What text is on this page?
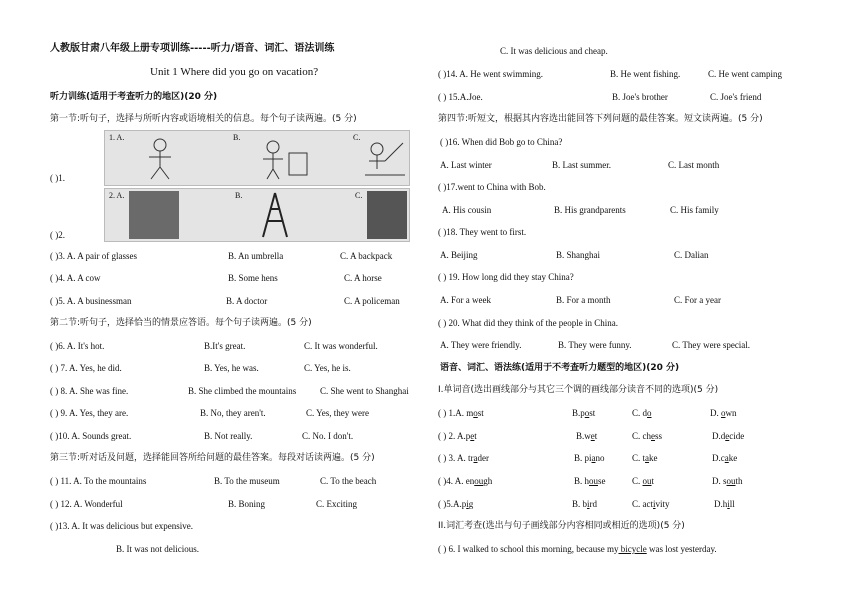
人教版甘肃八年级上册专项训练-----听力/语音、词汇、语法训练
Unit 1 Where did you go on vacation?
听力训练(适用于考查听力的地区)(20 分)
第一节:听句子，选择与所听内容或语境相关的信息。每个句子读两遍。(5 分)
1. A.	B.	C.
( )1.
2. A.	B.	C.
( )2.
( )3. A. A pair of glasses	B. An umbrella	C. A backpack
( )4. A. A cow	B. Some hens	C. A horse
( )5. A. A businessman	B. A doctor	C. A policeman
第二节:听句子，选择恰当的情景应答语。每个句子读两遍。(5 分)
( )6. A. It's hot.	B.It's great.	C. It was wonderful.
( ) 7. A. Yes, he did.	B. Yes, he was.	C. Yes, he is.
( ) 8. A. She was fine.	B. She climbed the mountains	C. She went to Shanghai
( ) 9. A. Yes, they are.	B. No, they aren't.	C. Yes, they were
( )10. A. Sounds great.	B. Not really.	C. No. I don't.
第三节:听对话及问题，选择能回答所给问题的最佳答案。每段对话读两遍。(5 分)
( ) 11. A. To the mountains	B. To the museum	C. To the beach
( ) 12. A. Wonderful	B. Boning	C. Exciting
( )13. A. It was delicious but expensive.
B. It was not delicious.
C. It was delicious and cheap.
( )14. A. He went swimming.	B. He went fishing.	C. He went camping
( ) 15.A.Joe.	B. Joe's brother	C. Joe's friend
第四节:听短文，根据其内容选出能回答下列问题的最佳答案。短文读两遍。(5 分)
( )16. When did Bob go to China?
A. Last winter	B. Last summer.	C. Last month
( )17.went to China with Bob.
A. His cousin	B. His grandparents	C. His family
( )18. They went to first.
A. Beijing	B. Shanghai	C. Dalian
( ) 19. How long did they stay China?
A. For a week	B. For a month	C. For a year
( ) 20. What did they think of the people in China.
A. They were friendly.	B. They were funny.	C. They were special.
语音、词汇、语法练(适用于不考查听力题型的地区)(20 分)
I.单词音(选出画线部分与其它三个调的画线部分读音不同的选项)(5 分)
( ) 1.A. most	B.post	C. do	D. own
( ) 2. A.pet	B.wet	C. chess	D.decide
( ) 3. A. trader	B. piano	C. take	D.cake
( )4. A. enough	B. house	C. out	D. south
( )5.A.pig	B. bird	C. activity	D.hill
II.词汇考查(选出与句子画线部分内容相同或相近的选项)(5 分)
( ) 6. I walked to school this morning, because my bicycle was lost yesterday.
